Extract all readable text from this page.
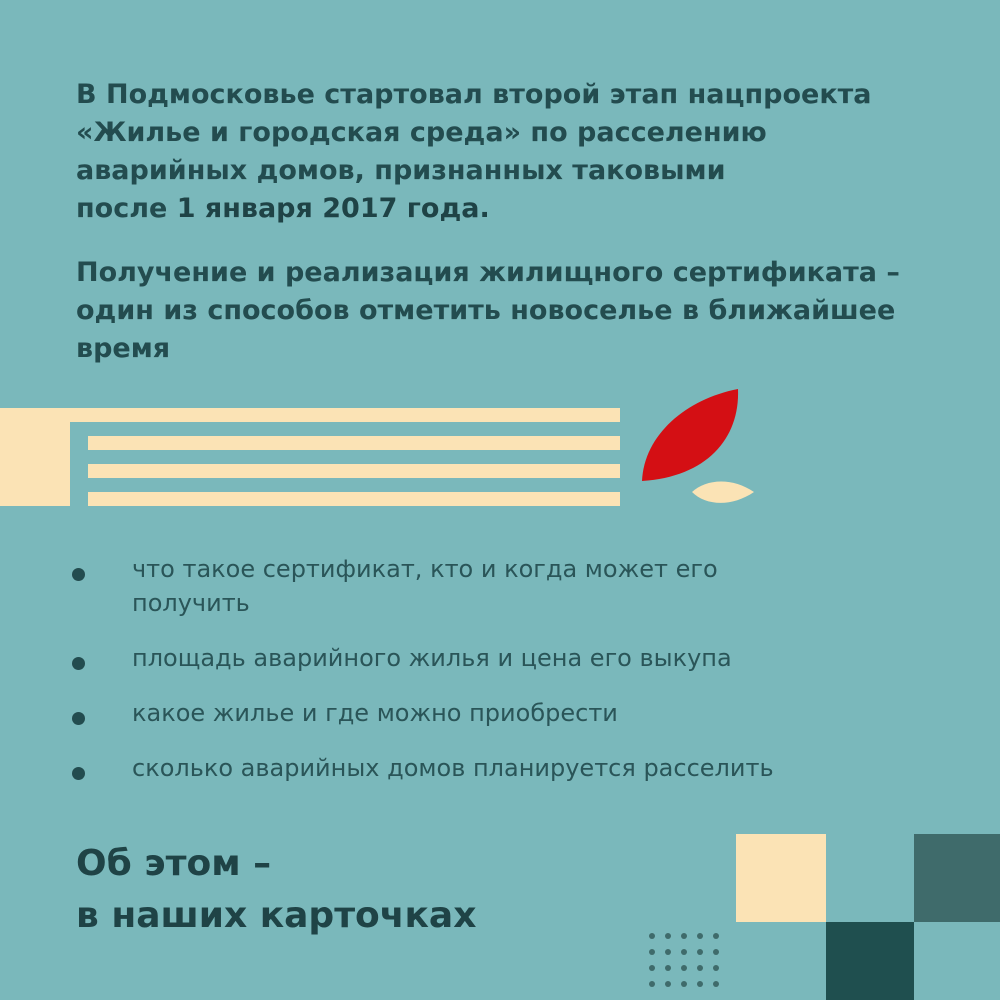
В Подмосковье стартовал второй этап нацпроекта
«Жилье и городская среда» по расселению
аварийных домов, признанных таковыми
после 1 января 2017 года.
Получение и реализация жилищного сертификата –
один из способов отметить новоселье в ближайшее
время
что такое сертификат, кто и когда может его
получить
площадь аварийного жилья и цена его выкупа
какое жилье и где можно приобрести
сколько аварийных домов планируется расселить
Об этом –
в наших карточках
